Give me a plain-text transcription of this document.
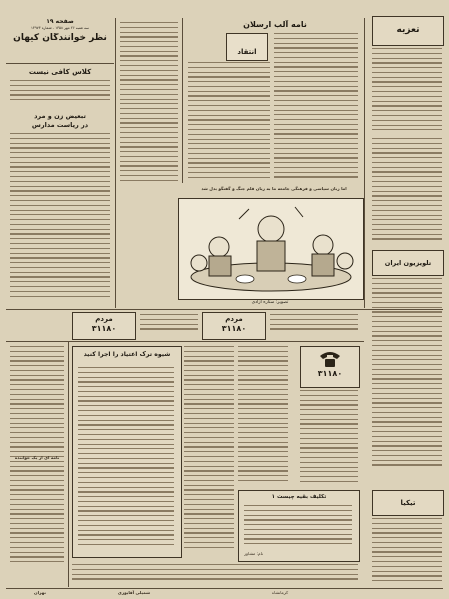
صفحه ۱۹
سه شنبه ۲۶ مهر ۱۳۵۸ - شماره ۱۳۹۷۳
نظر خوانندگان کیهان
کلاس کافی نیست
تبعیض زن و مرد
در ریاست مدارس
نامه آلب ارسلان
انتقاد
تعزیه
تلویزیون ایران
تیکیا
اما زبان سیاسی و فرهنگی جامعه ما به زبان قلم جنگ و گفتگو بدل شد
تصویر: ستاره آزادی
مردم
۳۱۱۸۰
مردم
۳۱۱۸۰
نامه ای از یک خواننده
شیوه ترک اعتیاد را اجرا کنید
۳۱۱۸۰
تکلیف بقیه چیست ۱
نام: مشاور
تهران	شمیلی آقایوری	کرمانشاه
